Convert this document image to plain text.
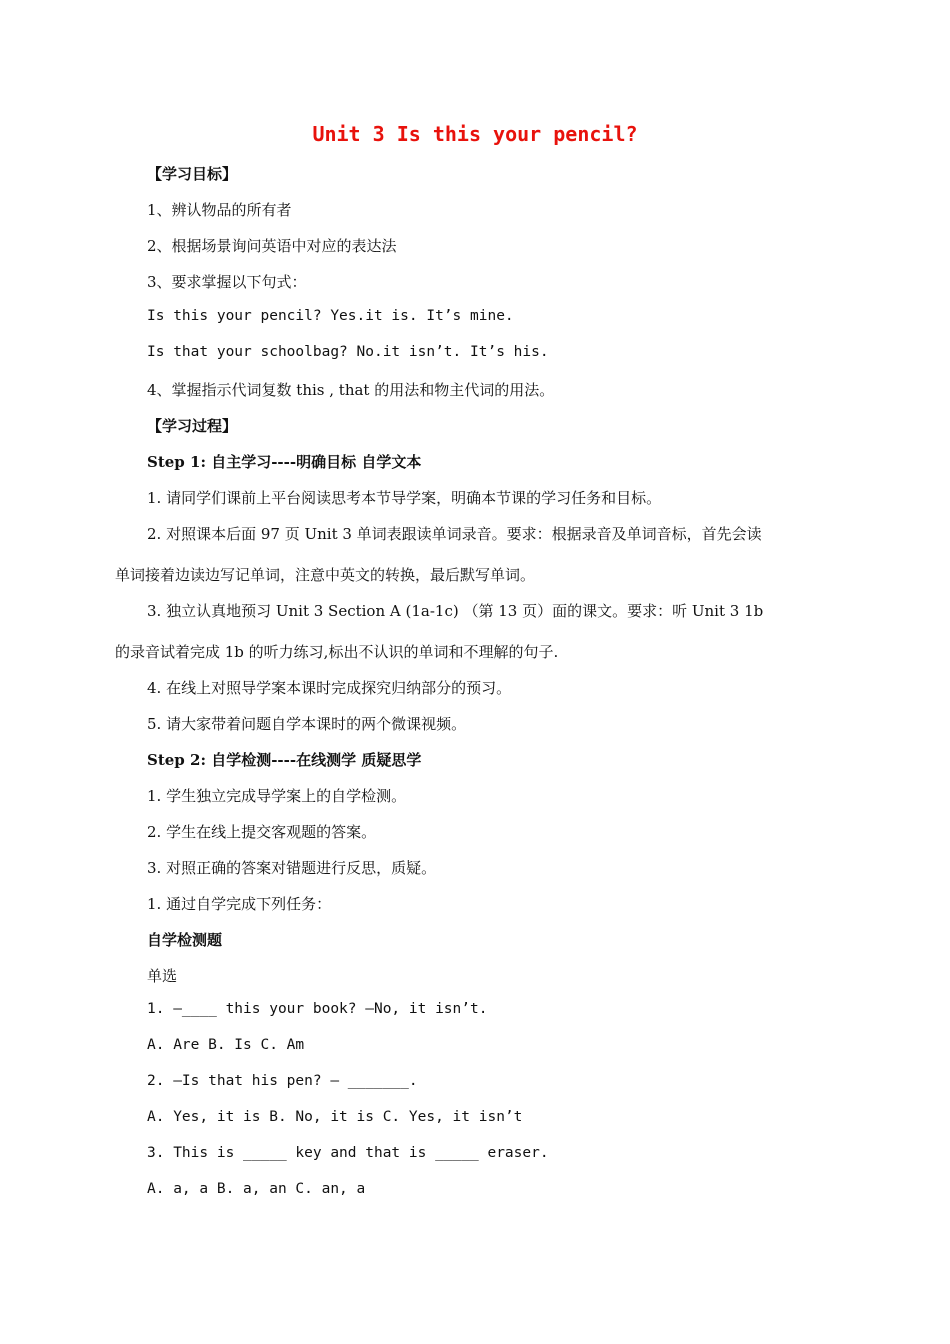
Unit 3 Is this your pencil?
【学习目标】
1、辨认物品的所有者
2、根据场景询问英语中对应的表达法
3、要求掌握以下句式：
Is this your pencil? Yes.it is. It’s mine.
Is that your schoolbag? No.it isn’t. It’s his.
4、掌握指示代词复数 this , that 的用法和物主代词的用法。
【学习过程】
Step 1: 自主学习----明确目标 自学文本
1. 请同学们课前上平台阅读思考本节导学案，明确本节课的学习任务和目标。
2. 对照课本后面 97 页 Unit 3 单词表跟读单词录音。要求：根据录音及单词音标，首先会读
单词接着边读边写记单词，注意中英文的转换，最后默写单词。
3. 独立认真地预习 Unit 3 Section A (1a-1c) （第 13 页）面的课文。要求：听 Unit 3 1b
的录音试着完成 1b 的听力练习,标出不认识的单词和不理解的句子.
4. 在线上对照导学案本课时完成探究归纳部分的预习。
5. 请大家带着问题自学本课时的两个微课视频。
Step 2: 自学检测----在线测学 质疑思学
1. 学生独立完成导学案上的自学检测。
2. 学生在线上提交客观题的答案。
3. 对照正确的答案对错题进行反思，质疑。
1. 通过自学完成下列任务：
自学检测题
单选
1. —____ this your book? —No, it isn’t.
A. Are B. Is C. Am
2. —Is that his pen? — _______.
A. Yes, it is B. No, it is C. Yes, it isn’t
3. This is _____ key and that is _____ eraser.
A. a, a B. a, an C. an, a
